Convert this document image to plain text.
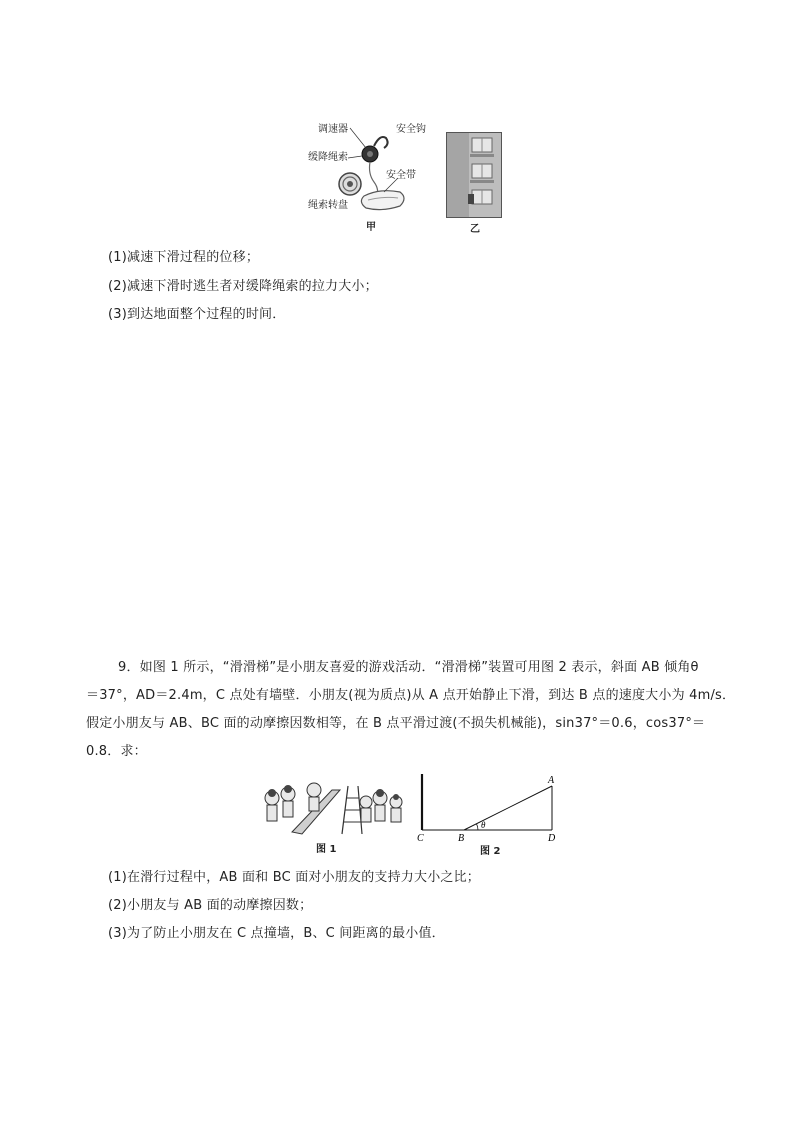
调速器	安全钩
缓降绳索
安全带
绳索转盘
甲	乙
(1)减速下滑过程的位移；
(2)减速下滑时逃生者对缓降绳索的拉力大小；
(3)到达地面整个过程的时间．
9．如图 1 所示，“滑滑梯”是小朋友喜爱的游戏活动．“滑滑梯”装置可用图 2 表示，斜面 AB 倾角θ
＝37°，AD＝2.4m，C 点处有墙壁．小朋友(视为质点)从 A 点开始静止下滑，到达 B 点的速度大小为 4m/s．
假定小朋友与 AB、BC 面的动摩擦因数相等，在 B 点平滑过渡(不损失机械能)，sin37°＝0.6，cos37°＝
0.8．求：
图 1
A
B
C	D
θ
图 2
(1)在滑行过程中，AB 面和 BC 面对小朋友的支持力大小之比；
(2)小朋友与 AB 面的动摩擦因数；
(3)为了防止小朋友在 C 点撞墙，B、C 间距离的最小值．
